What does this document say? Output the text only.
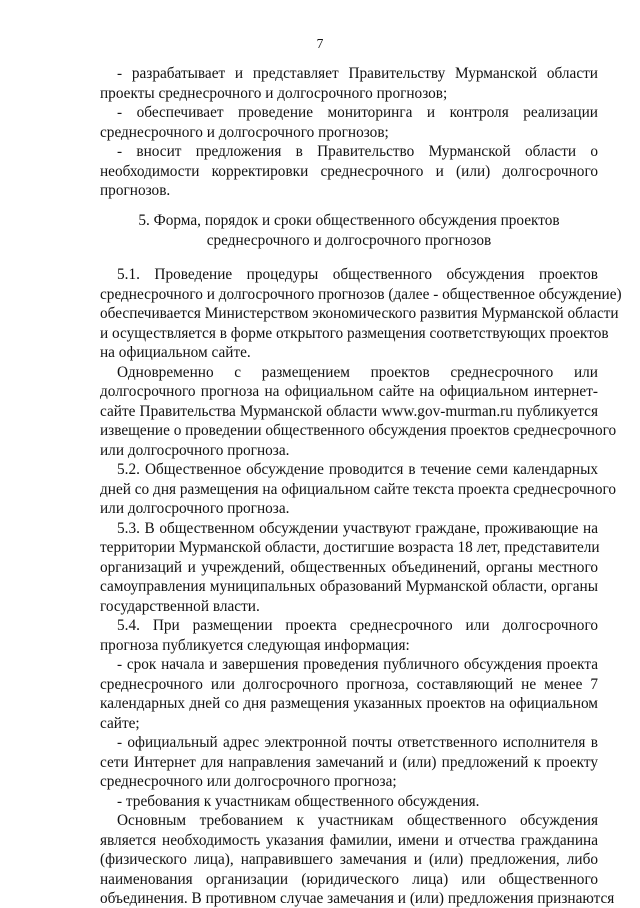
7
- разрабатывает и представляет Правительству Мурманской области
проекты среднесрочного и долгосрочного прогнозов;
- обеспечивает проведение мониторинга и контроля реализации
среднесрочного и долгосрочного прогнозов;
- вносит предложения в Правительство Мурманской области о
необходимости корректировки среднесрочного и (или) долгосрочного
прогнозов.
5. Форма, порядок и сроки общественного обсуждения проектов
среднесрочного и долгосрочного прогнозов
5.1. Проведение процедуры общественного обсуждения проектов
среднесрочного и долгосрочного прогнозов (далее - общественное обсуждение)
обеспечивается Министерством экономического развития Мурманской области
и осуществляется в форме открытого размещения соответствующих проектов
на официальном сайте.
Одновременно с размещением проектов среднесрочного или
долгосрочного прогноза на официальном сайте на официальном интернет-
сайте Правительства Мурманской области www.gov-murman.ru публикуется
извещение о проведении общественного обсуждения проектов среднесрочного
или долгосрочного прогноза.
5.2. Общественное обсуждение проводится в течение семи календарных
дней со дня размещения на официальном сайте текста проекта среднесрочного
или долгосрочного прогноза.
5.3. В общественном обсуждении участвуют граждане, проживающие на
территории Мурманской области, достигшие возраста 18 лет, представители
организаций и учреждений, общественных объединений, органы местного
самоуправления муниципальных образований Мурманской области, органы
государственной власти.
5.4. При размещении проекта среднесрочного или долгосрочного
прогноза публикуется следующая информация:
- срок начала и завершения проведения публичного обсуждения проекта
среднесрочного или долгосрочного прогноза, составляющий не менее 7
календарных дней со дня размещения указанных проектов на официальном
сайте;
- официальный адрес электронной почты ответственного исполнителя в
сети Интернет для направления замечаний и (или) предложений к проекту
среднесрочного или долгосрочного прогноза;
- требования к участникам общественного обсуждения.
Основным требованием к участникам общественного обсуждения
является необходимость указания фамилии, имени и отчества гражданина
(физического лица), направившего замечания и (или) предложения, либо
наименования организации (юридического лица) или общественного
объединения. В противном случае замечания и (или) предложения признаются
